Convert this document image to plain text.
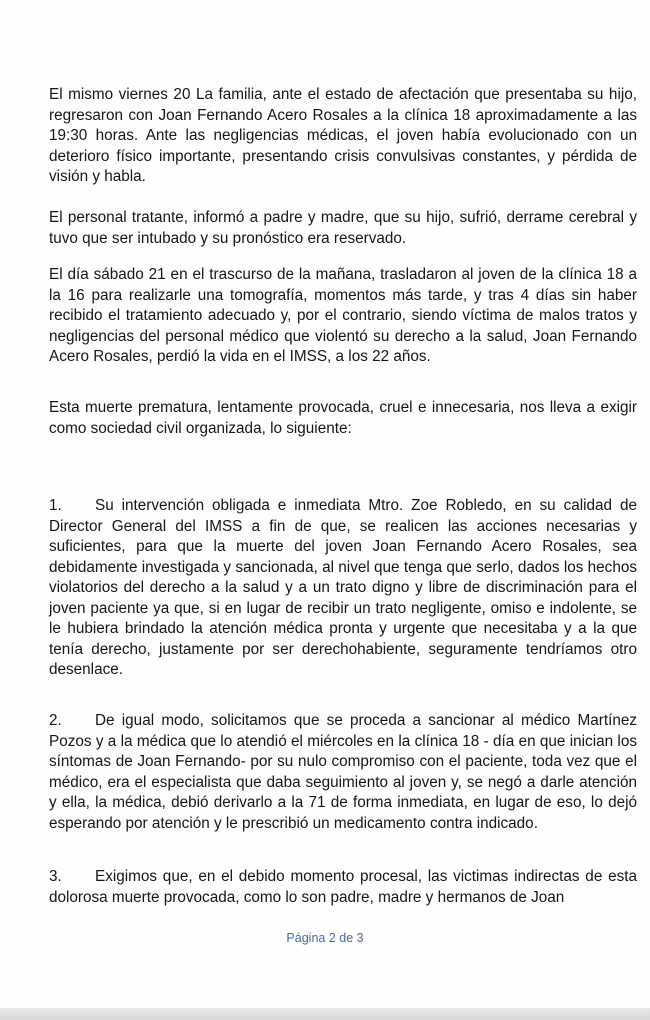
El mismo viernes 20 La familia, ante el estado de afectación que presentaba su hijo, regresaron con Joan Fernando Acero Rosales a la clínica 18 aproximadamente a las 19:30 horas. Ante las negligencias médicas, el joven había evolucionado con un deterioro físico importante, presentando crisis convulsivas constantes, y pérdida de visión y habla.

El personal tratante, informó a padre y madre, que su hijo, sufrió, derrame cerebral y tuvo que ser intubado y su pronóstico era reservado.

El día sábado 21 en el trascurso de la mañana, trasladaron al joven de la clínica 18 a la 16 para realizarle una tomografía, momentos más tarde, y tras 4 días sin haber recibido el tratamiento adecuado y, por el contrario, siendo víctima de malos tratos y negligencias del personal médico que violentó su derecho a la salud, Joan Fernando Acero Rosales, perdió la vida en el IMSS, a los 22 años.

Esta muerte prematura, lentamente provocada, cruel e innecesaria, nos lleva a exigir como sociedad civil organizada, lo siguiente:

1. Su intervención obligada e inmediata Mtro. Zoe Robledo, en su calidad de Director General del IMSS a fin de que, se realicen las acciones necesarias y suficientes, para que la muerte del joven Joan Fernando Acero Rosales, sea debidamente investigada y sancionada, al nivel que tenga que serlo, dados los hechos violatorios del derecho a la salud y a un trato digno y libre de discriminación para el joven paciente ya que, si en lugar de recibir un trato negligente, omiso e indolente, se le hubiera brindado la atención médica pronta y urgente que necesitaba y a la que tenía derecho, justamente por ser derechohabiente, seguramente tendríamos otro desenlace.

2. De igual modo, solicitamos que se proceda a sancionar al médico Martínez Pozos y a la médica que lo atendió el miércoles en la clínica 18 - día en que inician los síntomas de Joan Fernando- por su nulo compromiso con el paciente, toda vez que el médico, era el especialista que daba seguimiento al joven y, se negó a darle atención y ella, la médica, debió derivarlo a la 71 de forma inmediata, en lugar de eso, lo dejó esperando por atención y le prescribió un medicamento contra indicado.

3. Exigimos que, en el debido momento procesal, las victimas indirectas de esta dolorosa muerte provocada, como lo son padre, madre y hermanos de Joan

Página 2 de 3
